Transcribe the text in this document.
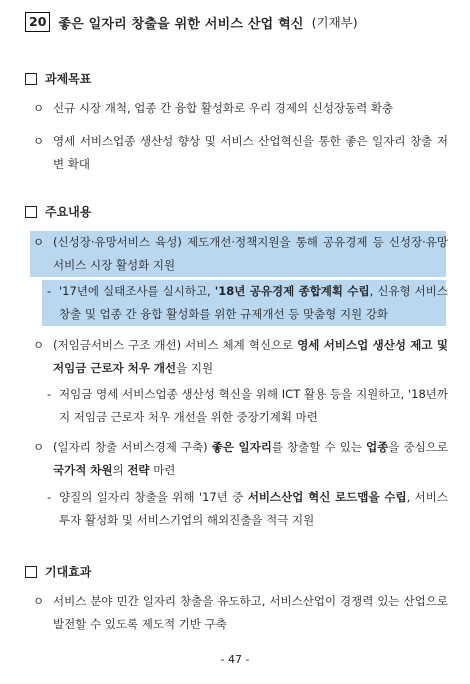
20 좋은 일자리 창출을 위한 서비스 산업 혁신 (기재부)
과제목표
ㅇ 신규 시장 개척, 업종 간 융합 활성화로 우리 경제의 신성장동력 확충
ㅇ 영세 서비스업종 생산성 향상 및 서비스 산업혁신을 통한 좋은 일자리 창출 저변 확대
주요내용
ㅇ (신성장·유망서비스 육성) 제도개선·정책지원을 통해 공유경제 등 신성장·유망서비스 시장 활성화 지원
- '17년에 실태조사를 실시하고, '18년 공유경제 종합계획 수립, 신유형 서비스 창출 및 업종 간 융합 활성화를 위한 규제개선 등 맞춤형 지원 강화
ㅇ (저임금서비스 구조 개선) 서비스 체계 혁신으로 영세 서비스업 생산성 제고 및 저임금 근로자 처우 개선을 지원
- 저임금 영세 서비스업종 생산성 혁신을 위해 ICT 활용 등을 지원하고, '18년까지 저임금 근로자 처우 개선을 위한 중장기계획 마련
ㅇ (일자리 창출 서비스경제 구축) 좋은 일자리를 창출할 수 있는 업종을 중심으로 국가적 차원의 전략 마련
- 양질의 일자리 창출을 위해 '17년 중 서비스산업 혁신 로드맵을 수립, 서비스 투자 활성화 및 서비스기업의 해외진출을 적극 지원
기대효과
ㅇ 서비스 분야 민간 일자리 창출을 유도하고, 서비스산업이 경쟁력 있는 산업으로 발전할 수 있도록 제도적 기반 구축
- 47 -
